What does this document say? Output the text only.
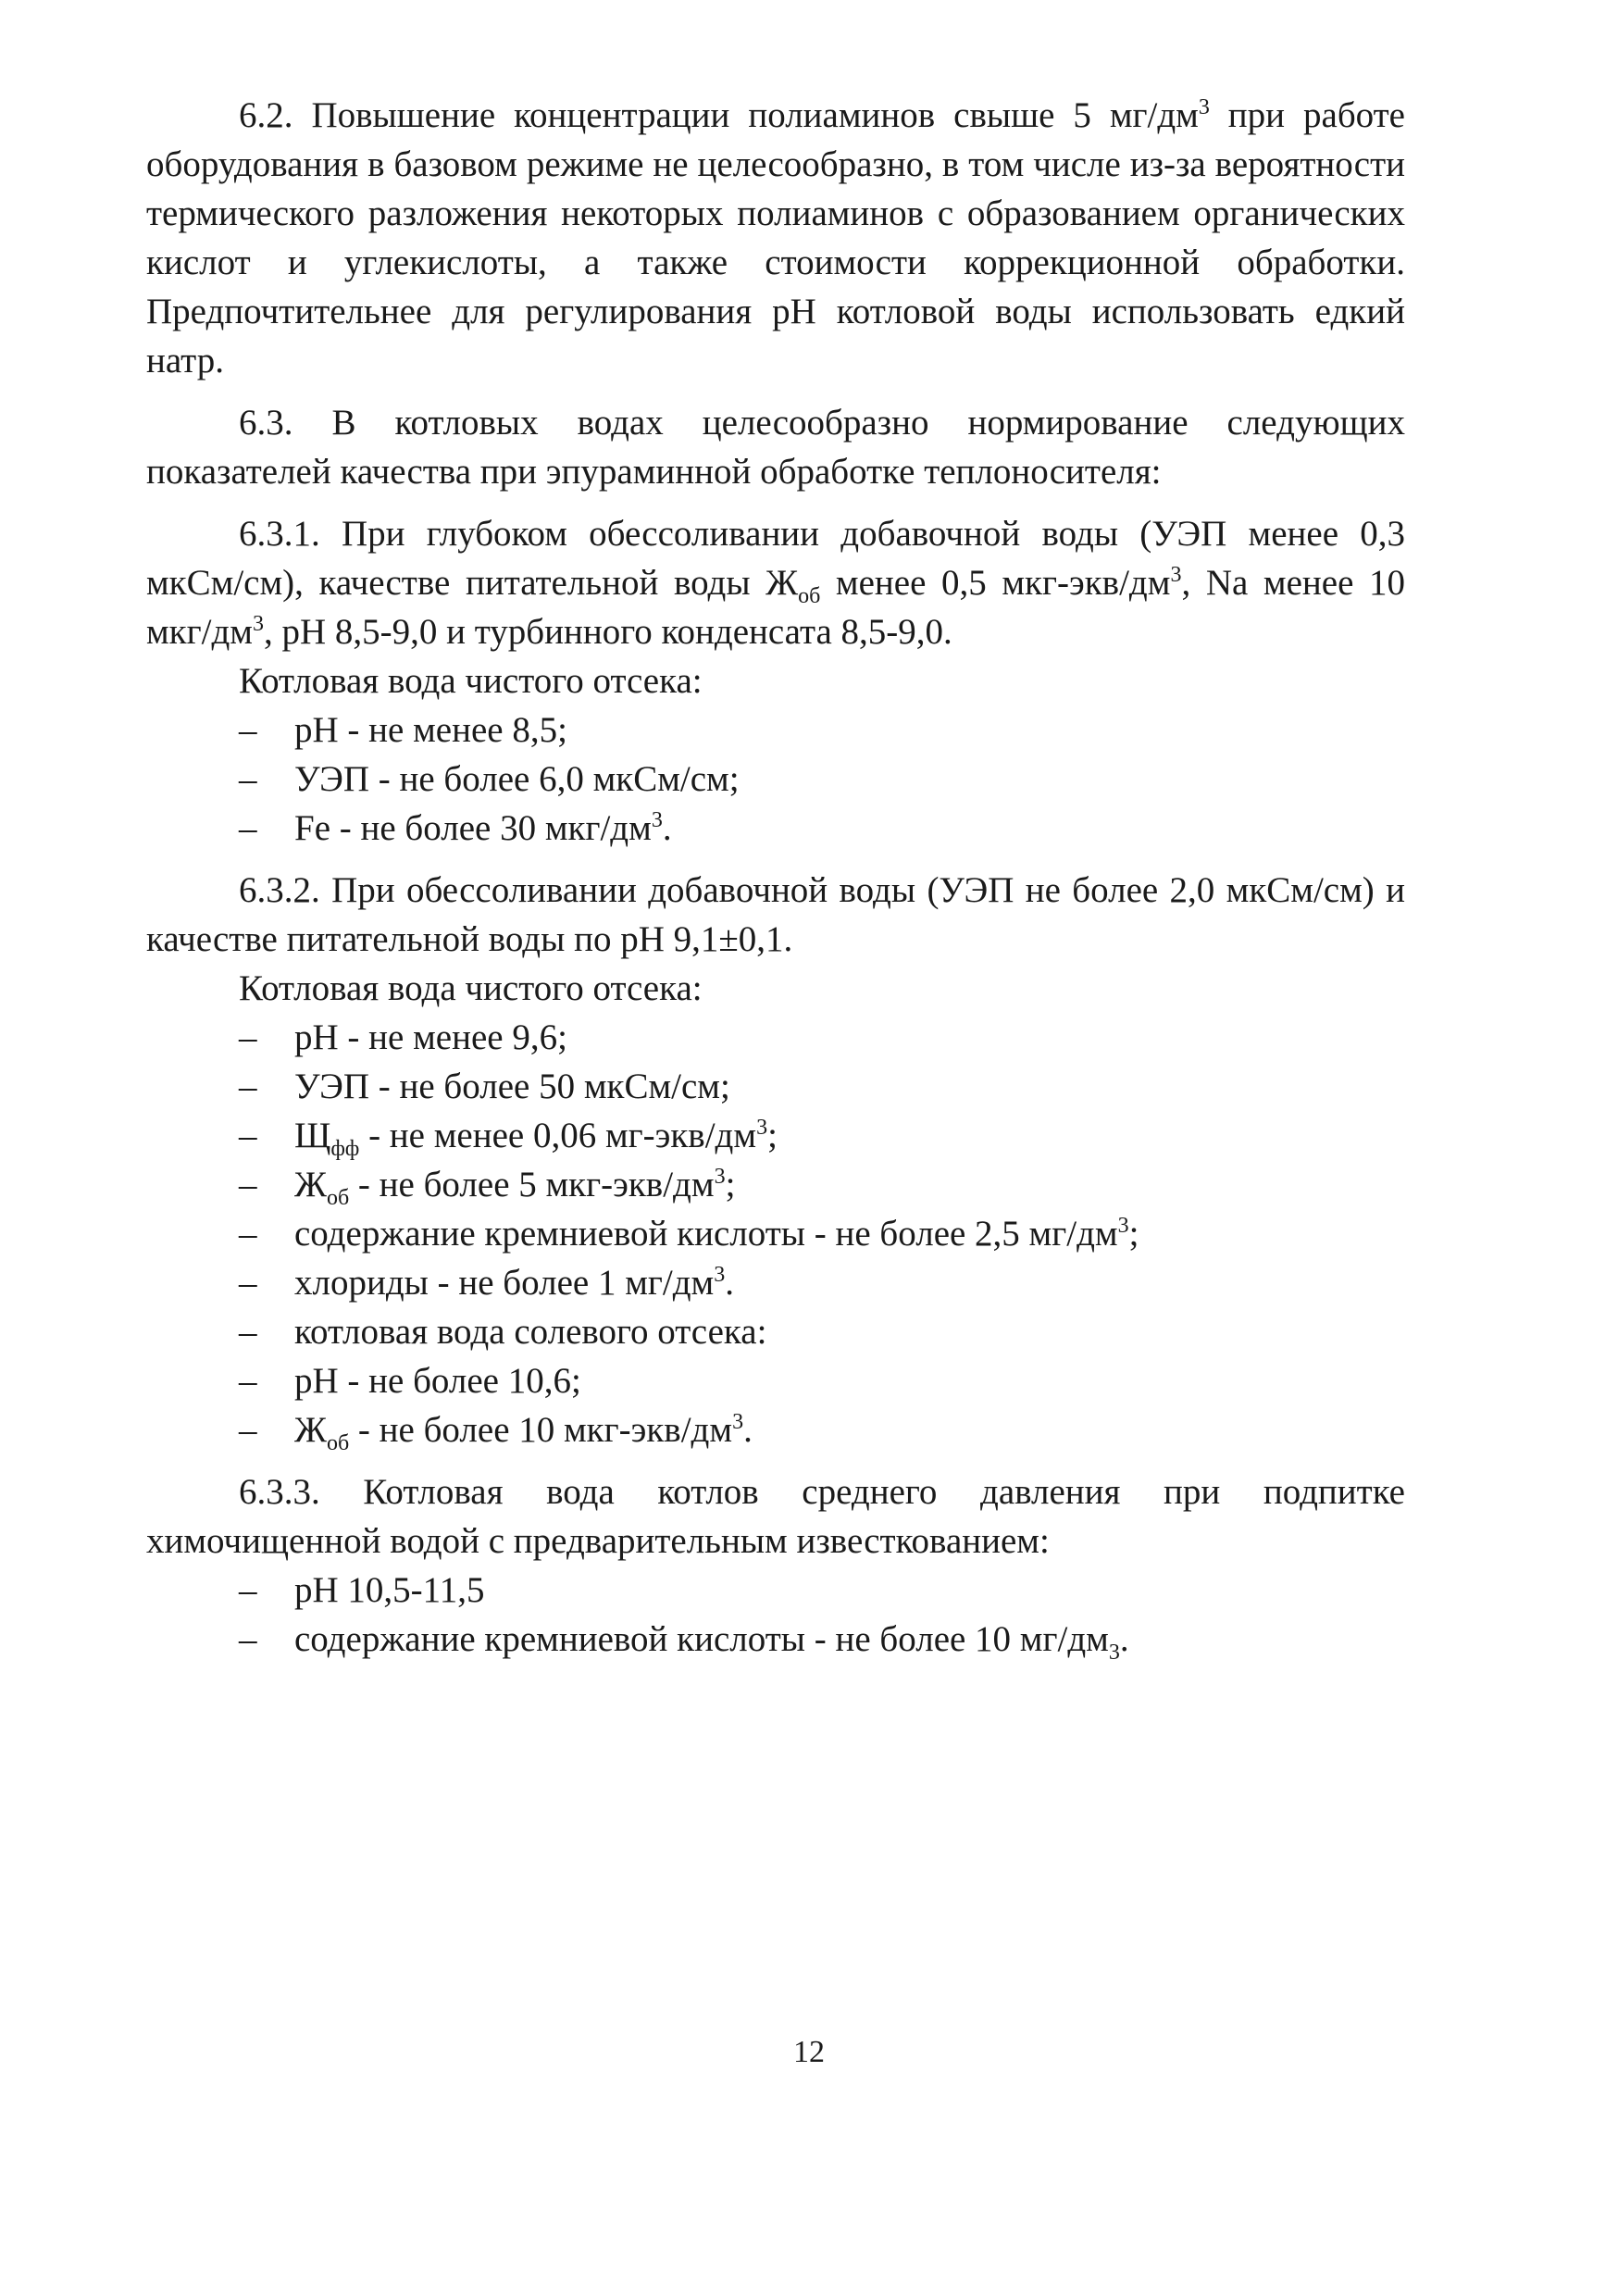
6.2. Повышение концентрации полиаминов свыше 5 $мг/дм^3$ при работе оборудования в базовом режиме не целесообразно, в том числе из-за вероятности термического разложения некоторых полиаминов с образованием органических кислот и углекислоты, а также стоимости коррекционной обработки. Предпочтительнее для регулирования рН котловой воды использовать едкий натр.

6.3. В котловых водах целесообразно нормирование следующих показателей качества при эпураминной обработке теплоносителя:

6.3.1. При глубоком обессоливании добавочной воды (УЭП менее 0,3 мкСм/см), качестве питательной воды $Ж_{об}$ менее 0,5 мкг-$экв/дм^3$, Na менее 10 мкг/$дм^3$, рН 8,5-9,0 и турбинного конденсата 8,5-9,0.

Котловая вода чистого отсека:

– рН - не менее 8,5;
– УЭП - не более 6,0 мкСм/см;
– Fe - не более 30 мкг/$дм^3$.

6.3.2. При обессоливании добавочной воды (УЭП не более 2,0 мкСм/см) и качестве питательной воды по рН 9,1±0,1.

Котловая вода чистого отсека:

– рН - не менее 9,6;
– УЭП - не более 50 мкСм/см;
– $Щ_{фф}$ - не менее 0,06 $мг-экв/дм^3$;
– $Ж_{об}$ - не более 5 мкг-$экв/дм^3$;
– содержание кремниевой кислоты - не более 2,5 $мг/дм^3$;
– хлориды - не более 1 $мг/дм^3$.
– котловая вода солевого отсека:
– рН - не более 10,6;
– $Ж_{об}$ - не более 10 мкг-$экв/дм^3$.

6.3.3. Котловая вода котлов среднего давления при подпитке химочищенной водой с предварительным известкованием:

– рН 10,5-11,5
– содержание кремниевой кислоты - не более 10 $мг/дм_3$.
12
